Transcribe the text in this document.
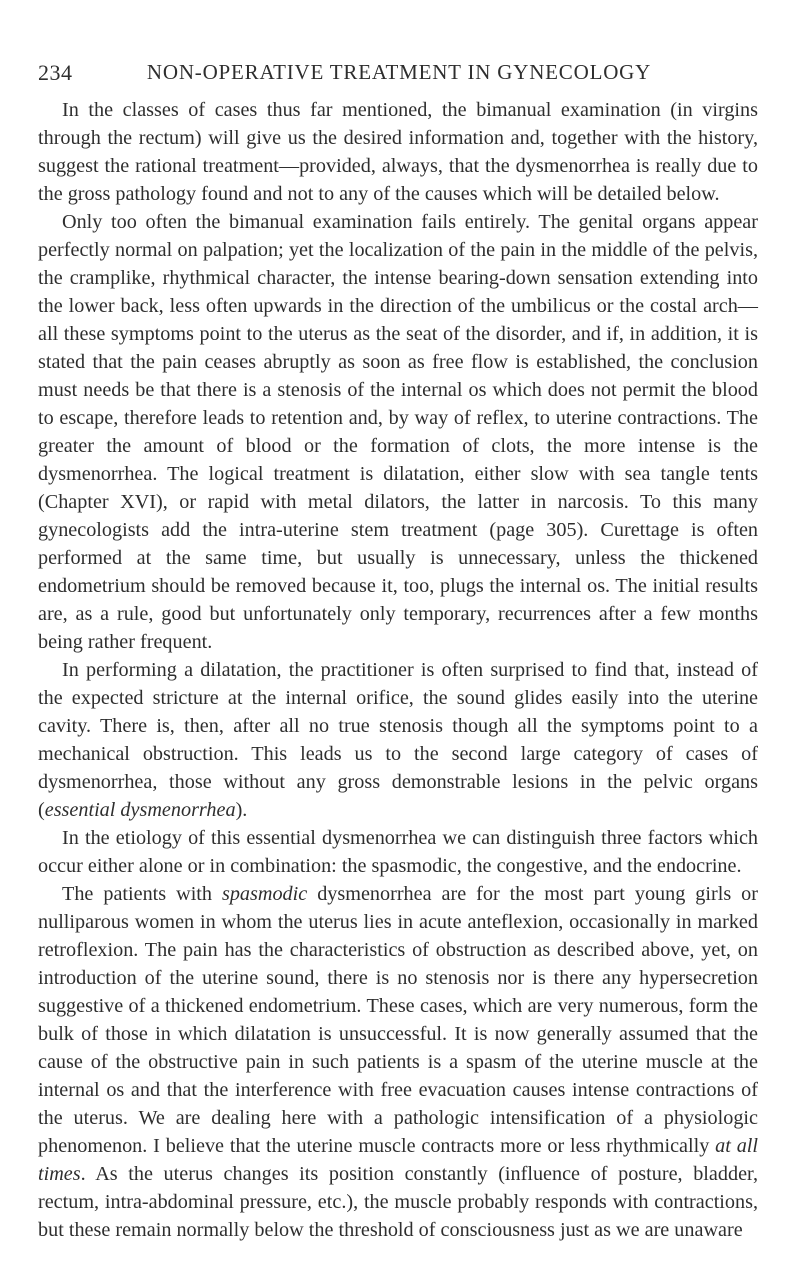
234	NON-OPERATIVE TREATMENT IN GYNECOLOGY

In the classes of cases thus far mentioned, the bimanual examination (in virgins through the rectum) will give us the desired information and, together with the history, suggest the rational treatment—provided, always, that the dysmenorrhea is really due to the gross pathology found and not to any of the causes which will be detailed below.

Only too often the bimanual examination fails entirely. The genital organs appear perfectly normal on palpation; yet the localization of the pain in the middle of the pelvis, the cramplike, rhythmical character, the intense bearing-down sensation extending into the lower back, less often upwards in the direction of the umbilicus or the costal arch—all these symptoms point to the uterus as the seat of the disorder, and if, in addition, it is stated that the pain ceases abruptly as soon as free flow is established, the conclusion must needs be that there is a stenosis of the internal os which does not permit the blood to escape, therefore leads to retention and, by way of reflex, to uterine contractions. The greater the amount of blood or the formation of clots, the more intense is the dysmenorrhea. The logical treatment is dilatation, either slow with sea tangle tents (Chapter XVI), or rapid with metal dilators, the latter in narcosis. To this many gynecologists add the intra-uterine stem treatment (page 305). Curettage is often performed at the same time, but usually is unnecessary, unless the thickened endometrium should be removed because it, too, plugs the internal os. The initial results are, as a rule, good but unfortunately only temporary, recurrences after a few months being rather frequent.

In performing a dilatation, the practitioner is often surprised to find that, instead of the expected stricture at the internal orifice, the sound glides easily into the uterine cavity. There is, then, after all no true stenosis though all the symptoms point to a mechanical obstruction. This leads us to the second large category of cases of dysmenorrhea, those without any gross demonstrable lesions in the pelvic organs (essential dysmenorrhea).

In the etiology of this essential dysmenorrhea we can distinguish three factors which occur either alone or in combination: the spasmodic, the congestive, and the endocrine.

The patients with spasmodic dysmenorrhea are for the most part young girls or nulliparous women in whom the uterus lies in acute anteflexion, occasionally in marked retroflexion. The pain has the characteristics of obstruction as described above, yet, on introduction of the uterine sound, there is no stenosis nor is there any hypersecretion suggestive of a thickened endometrium. These cases, which are very numerous, form the bulk of those in which dilatation is unsuccessful. It is now generally assumed that the cause of the obstructive pain in such patients is a spasm of the uterine muscle at the internal os and that the interference with free evacuation causes intense contractions of the uterus. We are dealing here with a pathologic intensification of a physiologic phenomenon. I believe that the uterine muscle contracts more or less rhythmically at all times. As the uterus changes its position constantly (influence of posture, bladder, rectum, intra-abdominal pressure, etc.), the muscle probably responds with contractions, but these remain normally below the threshold of consciousness just as we are unaware
